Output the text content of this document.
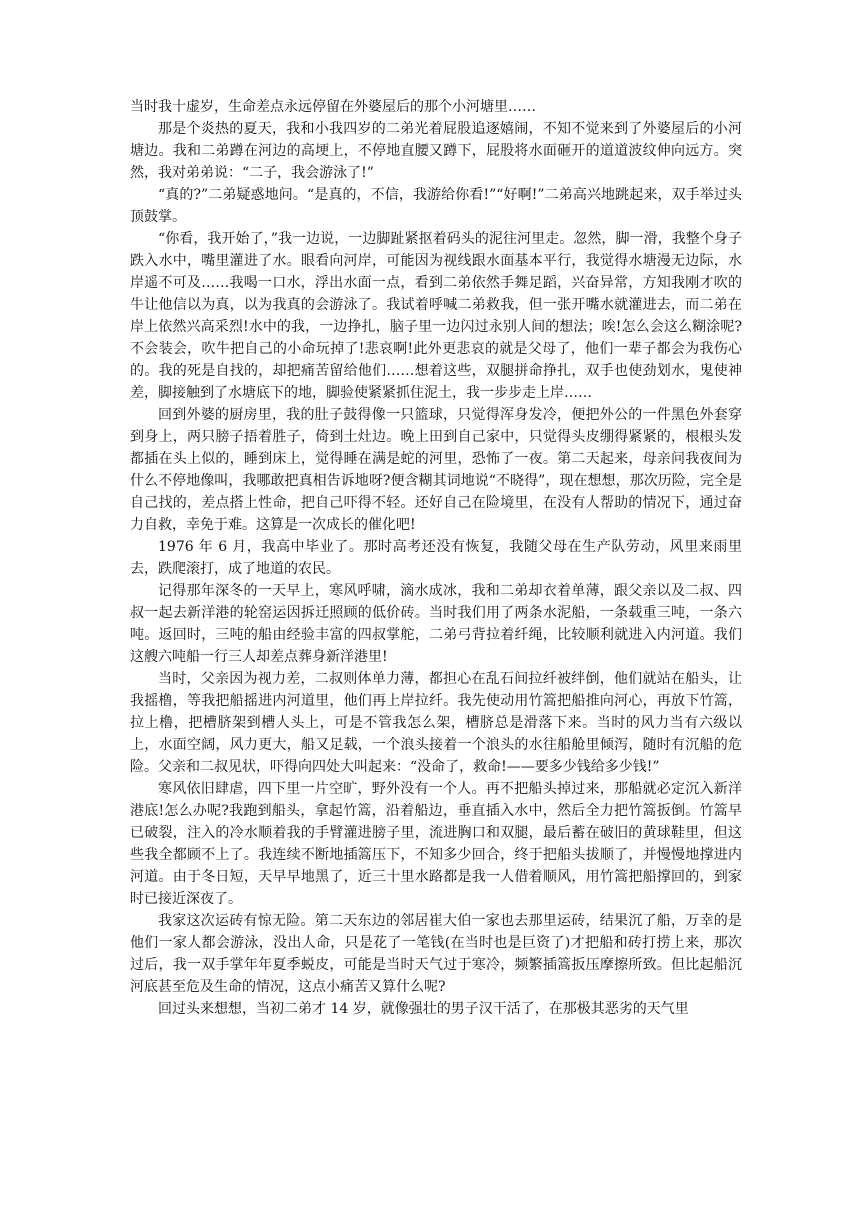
当时我十虚岁，生命差点永远停留在外婆屋后的那个小河塘里……

那是个炎热的夏天，我和小我四岁的二弟光着屁股追逐嬉闹，不知不觉来到了外婆屋后的小河塘边。我和二弟蹲在河边的高埂上，不停地直腰又蹲下，屁股将水面砸开的道道波纹伸向远方。突然，我对弟弟说：“二子，我会游泳了!”

“真的?”二弟疑惑地问。“是真的，不信，我游给你看!”“好啊!”二弟高兴地跳起来，双手举过头顶鼓掌。

“你看，我开始了，”我一边说，一边脚趾紧抠着码头的泥往河里走。忽然，脚一滑，我整个身子跌入水中，嘴里灌进了水。眼看向河岸，可能因为视线跟水面基本平行，我觉得水塘漫无边际，水岸遥不可及……我喝一口水，浮出水面一点，看到二弟依然手舞足蹈，兴奋异常，方知我刚才吹的牛让他信以为真，以为我真的会游泳了。我试着呼喊二弟救我，但一张开嘴水就灌进去，而二弟在岸上依然兴高采烈!水中的我，一边挣扎，脑子里一边闪过永别人间的想法；唉!怎么会这么糊涂呢?不会装会，吹牛把自己的小命玩掉了!悲哀啊!此外更悲哀的就是父母了，他们一辈子都会为我伤心的。我的死是自找的，却把痛苦留给他们……想着这些，双腿拼命挣扎，双手也使劲划水，鬼使神差，脚接触到了水塘底下的地，脚验使紧紧抓住泥土，我一步步走上岸……

回到外婆的厨房里，我的肚子鼓得像一只篮球，只觉得浑身发冷，便把外公的一件黑色外套穿到身上，两只膀子捂着胜子，倚到土灶边。晚上田到自己家中，只觉得头皮绷得紧紧的，根根头发都插在头上似的，睡到床上，觉得睡在满是蛇的河里，恐怖了一夜。第二天起来，母亲问我夜间为什么不停地像叫，我哪敢把真相告诉地呀?便含糊其词地说“不晓得”，现在想想，那次历险，完全是自己找的，差点搭上性命，把自己吓得不轻。还好自己在险境里，在没有人帮助的情况下，通过奋力自救，幸免于难。这算是一次成长的催化吧!

1976 年 6 月，我高中毕业了。那时高考还没有恢复，我随父母在生产队劳动，风里来雨里去，跌爬滚打，成了地道的农民。

记得那年深冬的一天早上，寒风呼啸，滴水成冰，我和二弟却衣着单薄，跟父亲以及二叔、四叔一起去新洋港的轮窑运因拆迁照顾的低价砖。当时我们用了两条水泥船，一条载重三吨，一条六吨。返回时，三吨的船由经验丰富的四叔掌舵，二弟弓背拉着纤绳，比较顺利就进入内河道。我们这艘六吨船一行三人却差点葬身新洋港里!

当时，父亲因为视力差，二叔则体单力薄，都担心在乱石间拉纤被绊倒，他们就站在船头，让我摇橹，等我把船摇进内河道里，他们再上岸拉纤。我先使动用竹篙把船推向河心，再放下竹篙，拉上橹，把槽脐架到槽人头上，可是不管我怎么架，槽脐总是滑落下来。当时的风力当有六级以上，水面空阔，风力更大，船又足载，一个浪头接着一个浪头的水往船舱里倾泻，随时有沉船的危险。父亲和二叔见状，吓得向四处大叫起来：“没命了，救命!——要多少钱给多少钱!”

寒风依旧肆虐，四下里一片空旷，野外没有一个人。再不把船头掉过来，那船就必定沉入新洋港底!怎么办呢?我跑到船头，拿起竹篙，沿着船边，垂直插入水中，然后全力把竹篙扳倒。竹篙早已破裂，注入的冷水顺着我的手臂灌进膀子里，流进胸口和双腿，最后蓄在破旧的黄球鞋里，但这些我全都顾不上了。我连续不断地插篙压下，不知多少回合，终于把船头拔顺了，并慢慢地撑进内河道。由于冬日短，天早早地黑了，近三十里水路都是我一人借着顺风，用竹篙把船撑回的，到家时已接近深夜了。

我家这次运砖有惊无险。第二天东边的邻居崔大伯一家也去那里运砖，结果沉了船，万幸的是他们一家人都会游泳，没出人命，只是花了一笔钱(在当时也是巨资了)才把船和砖打捞上来，那次过后，我一双手掌年年夏季蜕皮，可能是当时天气过于寒冷，频繁插篙扳压摩擦所致。但比起船沉河底甚至危及生命的情况，这点小痛苦又算什么呢?

回过头来想想，当初二弟才 14 岁，就像强壮的男子汉干活了，在那极其恶劣的天气里
